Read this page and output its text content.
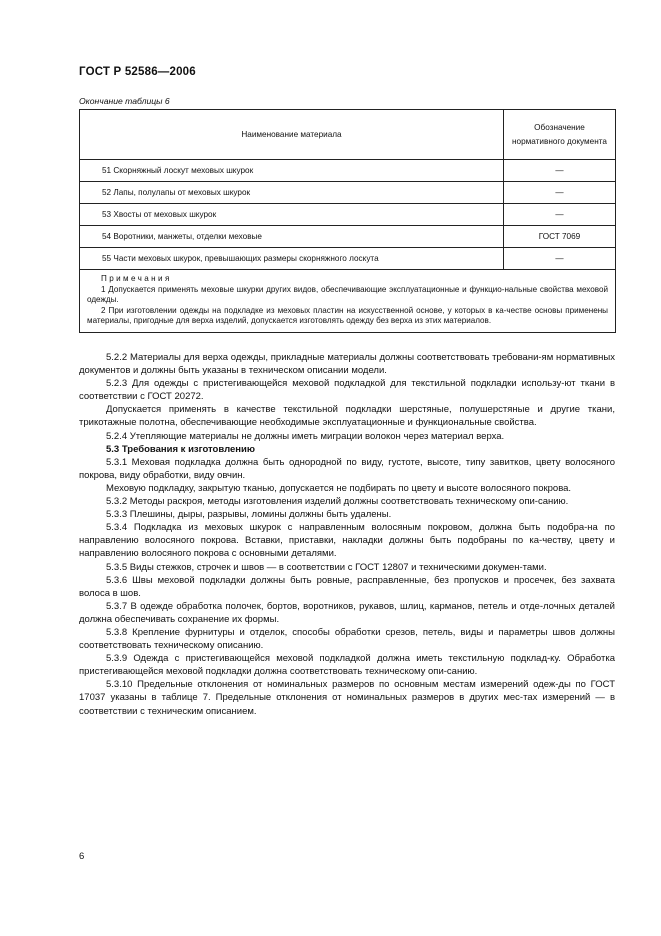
ГОСТ Р 52586—2006
Окончание таблицы 6
Наименование материала	Обозначение
нормативного документа

51 Скорняжный лоскут меховых шкурок	—
52 Лапы, полулапы от меховых шкурок	—
53 Хвосты от меховых шкурок	—
54 Воротники, манжеты, отделки меховые	ГОСТ 7069
55 Части меховых шкурок, превышающих размеры скорняжного лоскута	—

Примечания
1 Допускается применять меховые шкурки других видов, обеспечивающие эксплуатационные и функцио-нальные свойства меховой одежды.
2 При изготовлении одежды на подкладке из меховых пластин на искусственной основе, у которых в ка-честве основы применены материалы, пригодные для верха изделий, допускается изготовлять одежду без верха из этих материалов.	

5.2.2 Материалы для верха одежды, прикладные материалы должны соответствовать требовани-ям нормативных документов и должны быть указаны в техническом описании модели.

5.2.3 Для одежды с пристегивающейся меховой подкладкой для текстильной подкладки использу-ют ткани в соответствии с ГОСТ 20272.

Допускается применять в качестве текстильной подкладки шерстяные, полушерстяные и другие ткани, трикотажные полотна, обеспечивающие необходимые эксплуатационные и функциональные свойства.

5.2.4 Утепляющие материалы не должны иметь миграции волокон через материал верха.

5.3 Требования к изготовлению

5.3.1 Меховая подкладка должна быть однородной по виду, густоте, высоте, типу завитков, цвету волосяного покрова, виду обработки, виду овчин.

Меховую подкладку, закрытую тканью, допускается не подбирать по цвету и высоте волосяного покрова.

5.3.2 Методы раскроя, методы изготовления изделий должны соответствовать техническому опи-санию.

5.3.3 Плешины, дыры, разрывы, ломины должны быть удалены.

5.3.4 Подкладка из меховых шкурок с направленным волосяным покровом, должна быть подобра-на по направлению волосяного покрова. Вставки, приставки, накладки должны быть подобраны по ка-честву, цвету и направлению волосяного покрова с основными деталями.

5.3.5 Виды стежков, строчек и швов — в соответствии с ГОСТ 12807 и техническими докумен-тами.

5.3.6 Швы меховой подкладки должны быть ровные, расправленные, без пропусков и просечек, без захвата волоса в шов.

5.3.7 В одежде обработка полочек, бортов, воротников, рукавов, шлиц, карманов, петель и отде-лочных деталей должна обеспечивать сохранение их формы.

5.3.8 Крепление фурнитуры и отделок, способы обработки срезов, петель, виды и параметры швов должны соответствовать техническому описанию.

5.3.9 Одежда с пристегивающейся меховой подкладкой должна иметь текстильную подклад-ку. Обработка пристегивающейся меховой подкладки должна соответствовать техническому опи-санию.

5.3.10 Предельные отклонения от номинальных размеров по основным местам измерений одеж-ды по ГОСТ 17037 указаны в таблице 7. Предельные отклонения от номинальных размеров в других мес-тах измерений — в соответствии с техническим описанием.

6
